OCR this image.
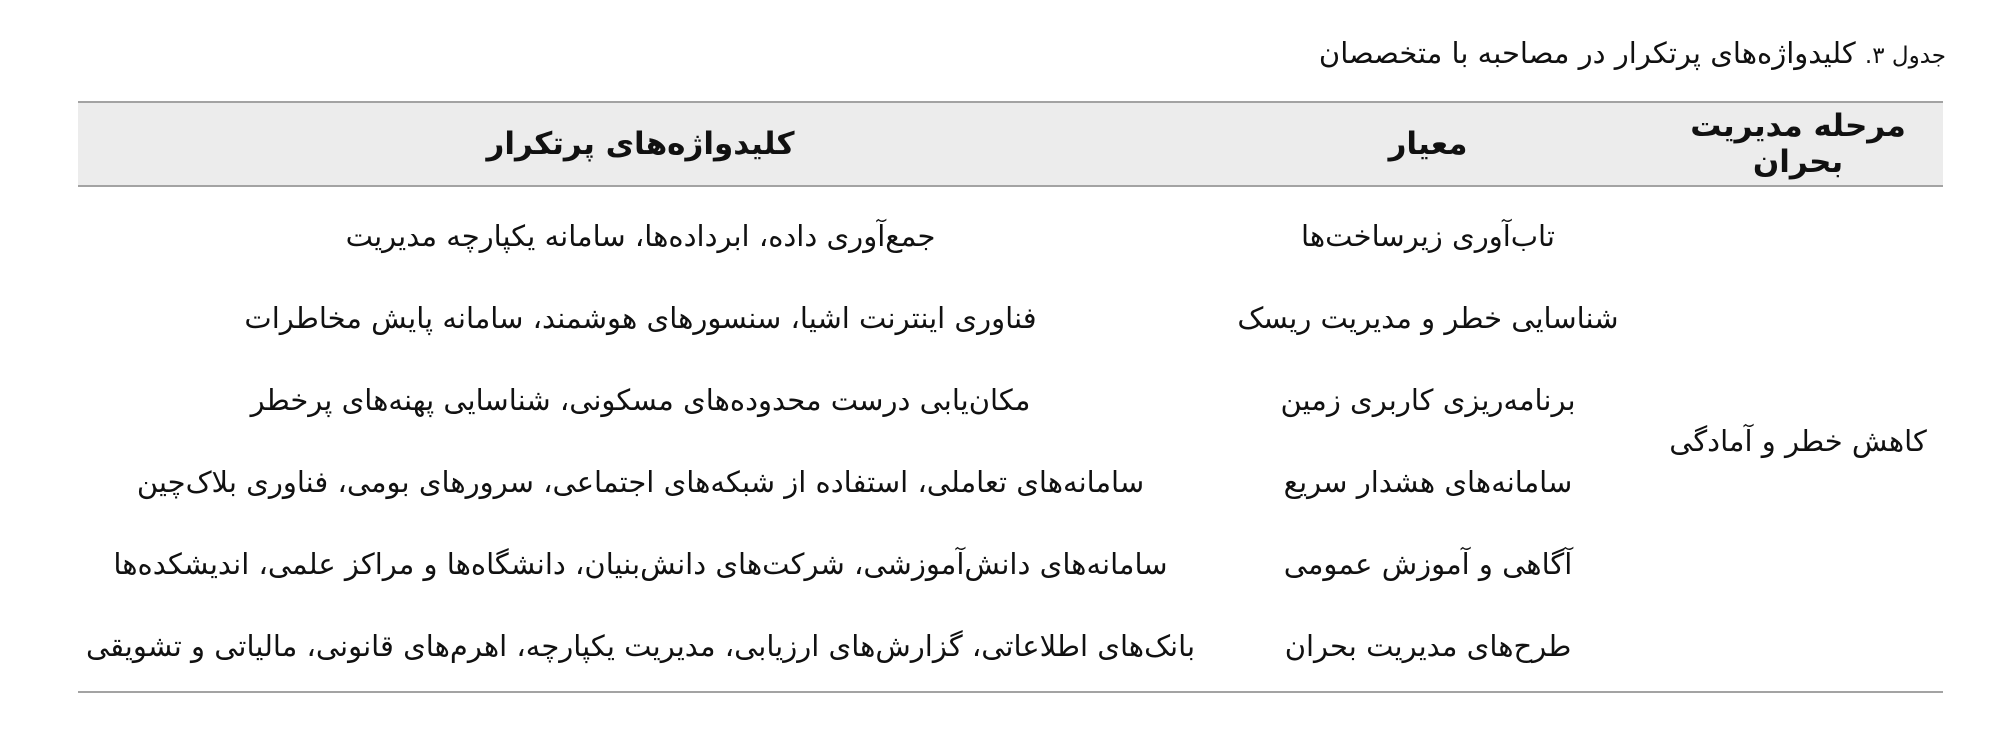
جدول ۳. کلیدواژه‌های پرتکرار در مصاحبه با متخصصان
مرحله مدیریت بحران
معیار
کلیدواژه‌های پرتکرار
کاهش خطر و آمادگی
تاب‌آوری زیرساخت‌ها
جمع‌آوری داده، ابرداده‌ها، سامانه یکپارچه مدیریت
شناسایی خطر و مدیریت ریسک
فناوری اینترنت اشیا، سنسورهای هوشمند، سامانه پایش مخاطرات
برنامه‌ریزی کاربری زمین
مکان‌یابی درست محدوده‌های مسکونی، شناسایی پهنه‌های پرخطر
سامانه‌های هشدار سریع
سامانه‌های تعاملی، استفاده از شبکه‌های اجتماعی، سرورهای بومی، فناوری بلاک‌چین
آگاهی و آموزش عمومی
سامانه‌های دانش‌آموزشی، شرکت‌های دانش‌بنیان، دانشگاه‌ها و مراکز علمی، اندیشکده‌ها
طرح‌های مدیریت بحران
بانک‌های اطلاعاتی، گزارش‌های ارزیابی، مدیریت یکپارچه، اهرم‌های قانونی، مالیاتی و تشویقی
